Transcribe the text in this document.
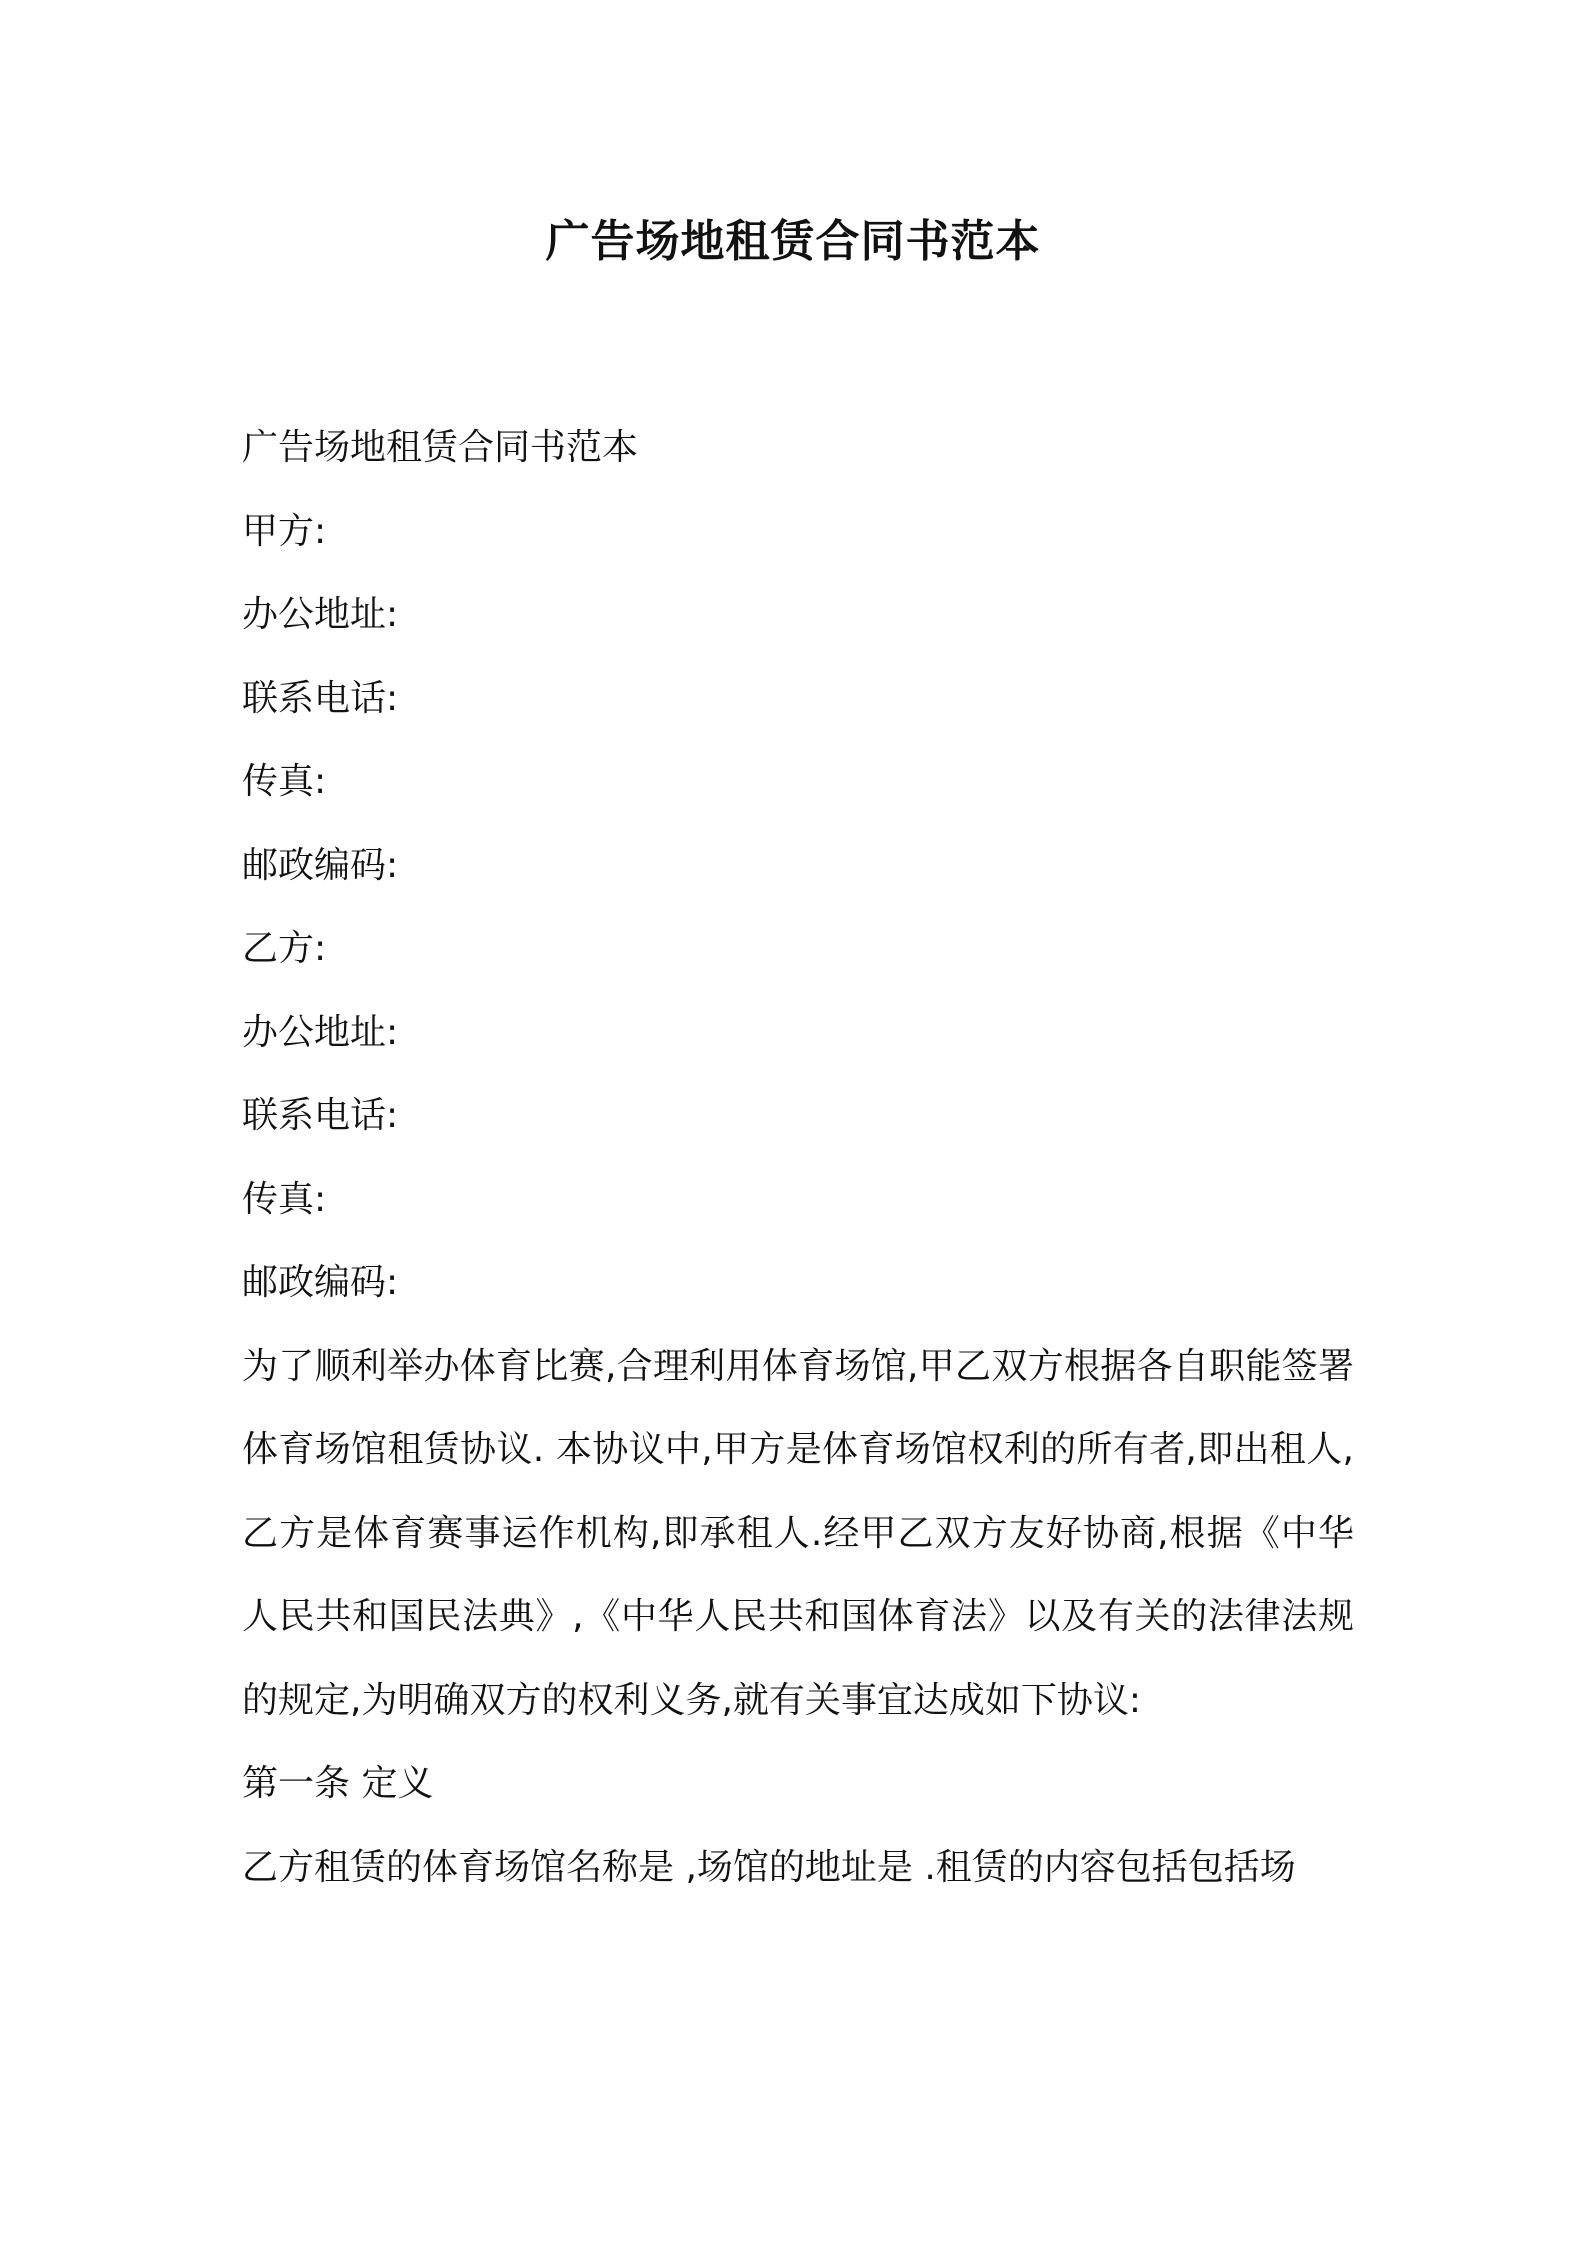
广告场地租赁合同书范本

广告场地租赁合同书范本

甲方:

办公地址:

联系电话:

传真:

邮政编码:

乙方:

办公地址:

联系电话:

传真:

邮政编码:

为了顺利举办体育比赛,合理利用体育场馆,甲乙双方根据各自职能签署 体育场馆租赁协议. 本协议中,甲方是体育场馆权利的所有者,即出租人,乙方是体育赛事运作机构,即承租人.经甲乙双方友好协商,根据《中华人民共和国民法典》,《中华人民共和国体育法》以及有关的法律法规的规定,为明确双方的权利义务,就有关事宜达成如下协议:

第一条 定义

乙方租赁的体育场馆名称是 ,场馆的地址是 .租赁的内容包括包括场
